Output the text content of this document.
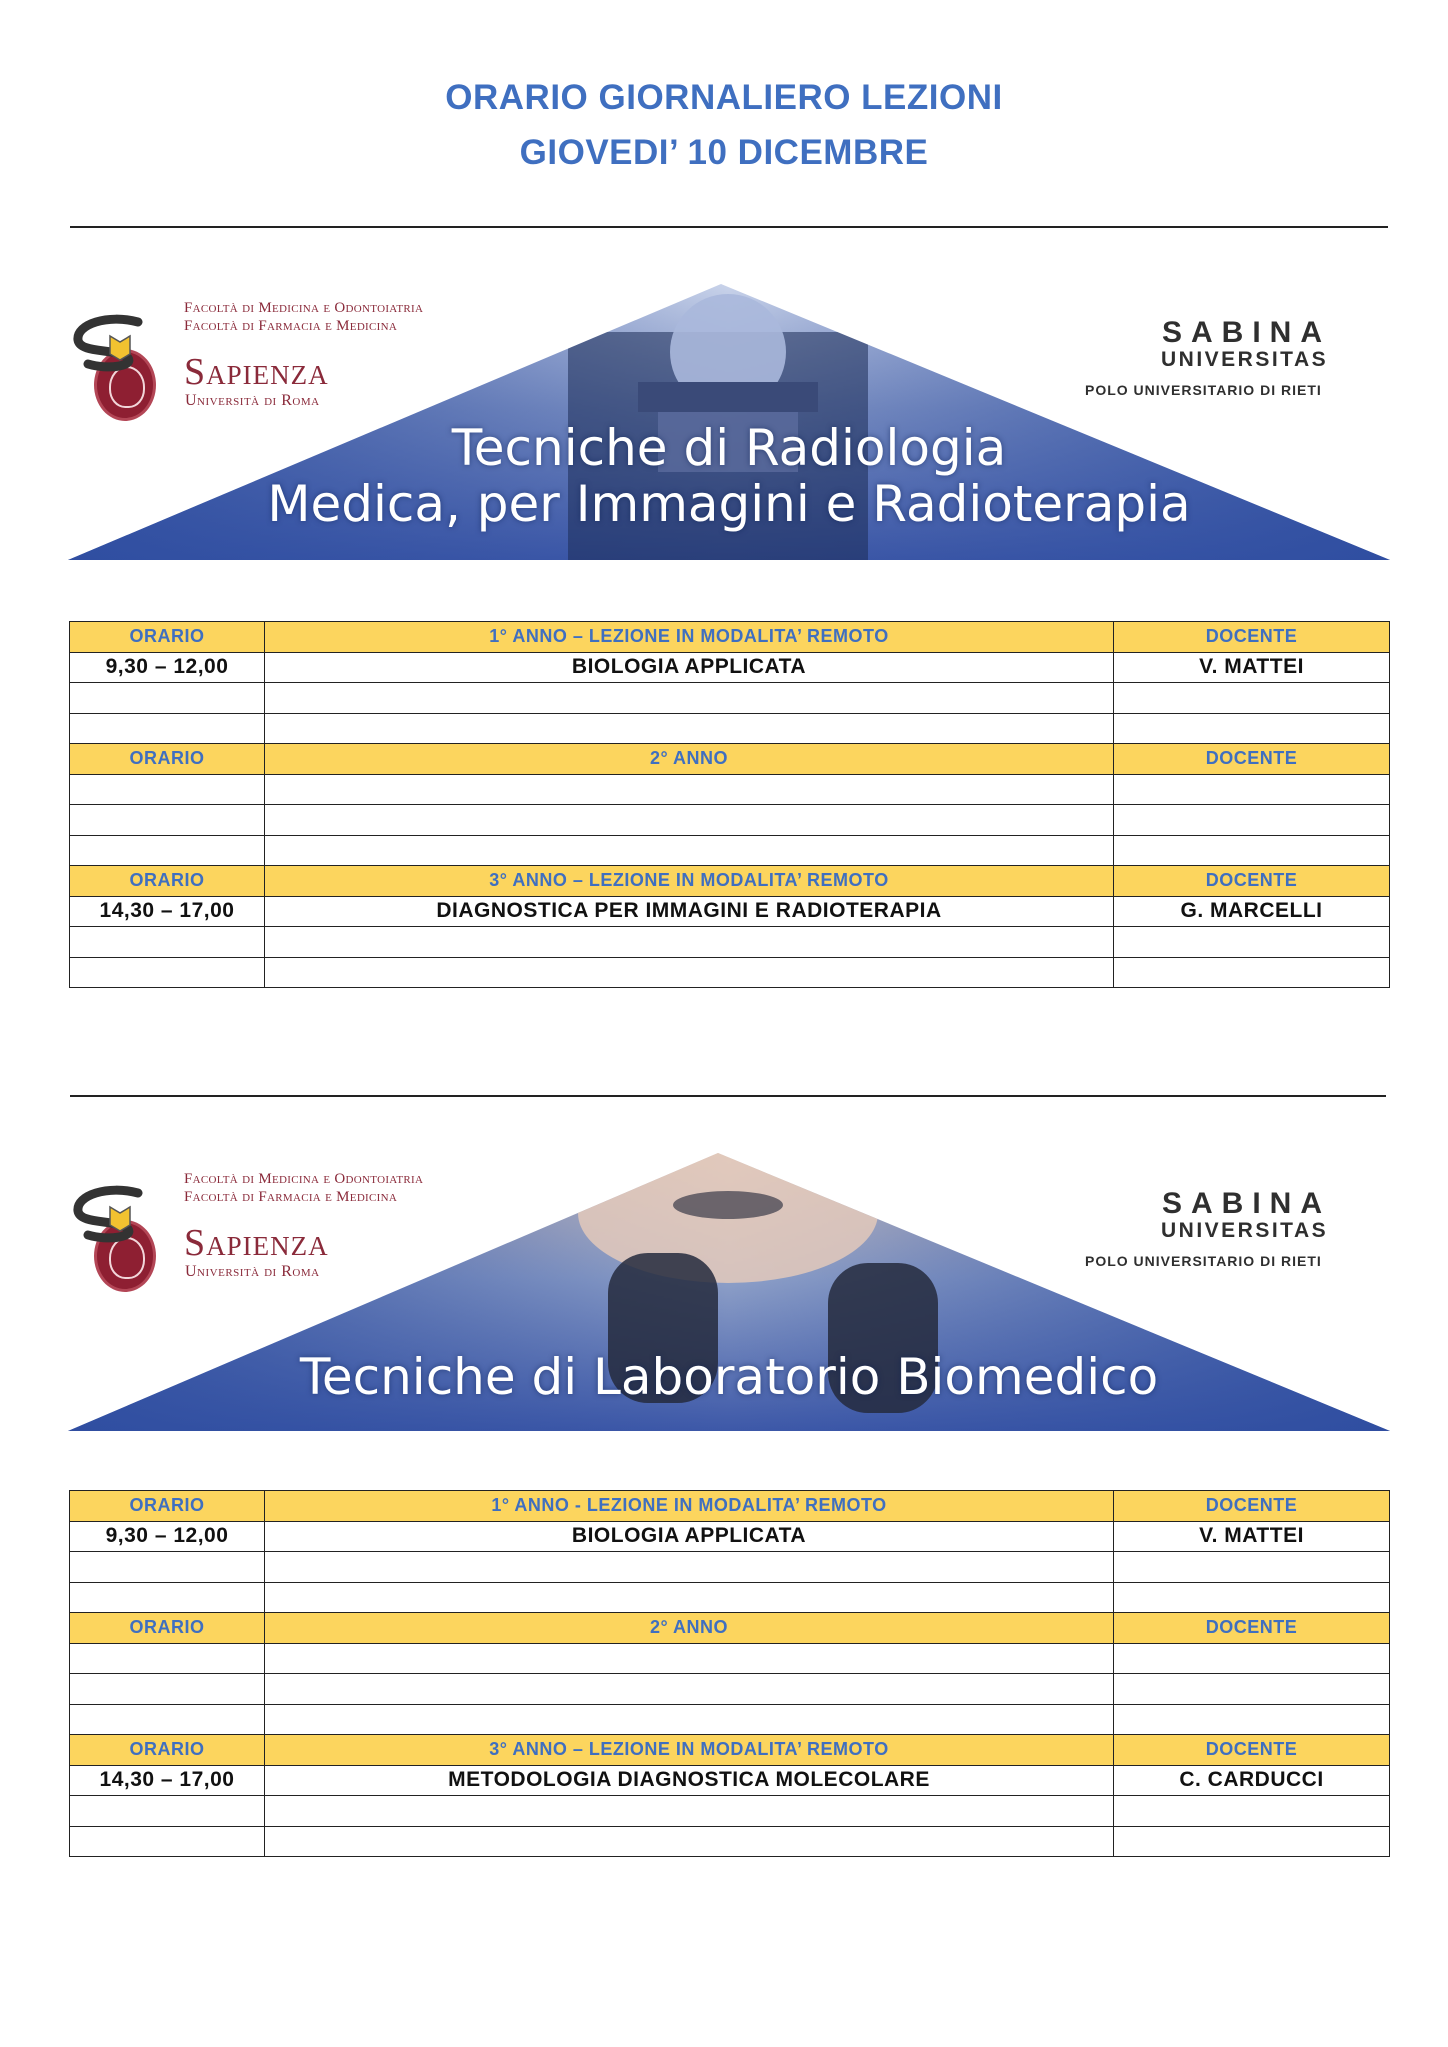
ORARIO GIORNALIERO LEZIONI
GIOVEDI’ 10 DICEMBRE
Facoltà di Medicina e Odontoiatria
Facoltà di Farmacia e Medicina
Sapienza
Università di Roma
SABINA
UNIVERSITAS
POLO UNIVERSITARIO DI RIETI
Tecniche di Radiologia
Medica, per Immagini e Radioterapia
ORARIO	1° ANNO – LEZIONE IN MODALITA’ REMOTO	DOCENTE
9,30 – 12,00	BIOLOGIA APPLICATA	V. MATTEI

ORARIO	2° ANNO	DOCENTE

ORARIO	3° ANNO – LEZIONE IN MODALITA’ REMOTO	DOCENTE
14,30 – 17,00	DIAGNOSTICA PER IMMAGINI E RADIOTERAPIA	G. MARCELLI

Facoltà di Medicina e Odontoiatria
Facoltà di Farmacia e Medicina
Sapienza
Università di Roma
SABINA
UNIVERSITAS
POLO UNIVERSITARIO DI RIETI
Tecniche di Laboratorio Biomedico
ORARIO	1° ANNO - LEZIONE IN MODALITA’ REMOTO	DOCENTE
9,30 – 12,00	BIOLOGIA APPLICATA	V. MATTEI

ORARIO	2° ANNO	DOCENTE

ORARIO	3° ANNO – LEZIONE IN MODALITA’ REMOTO	DOCENTE
14,30 – 17,00	METODOLOGIA DIAGNOSTICA MOLECOLARE	C. CARDUCCI
